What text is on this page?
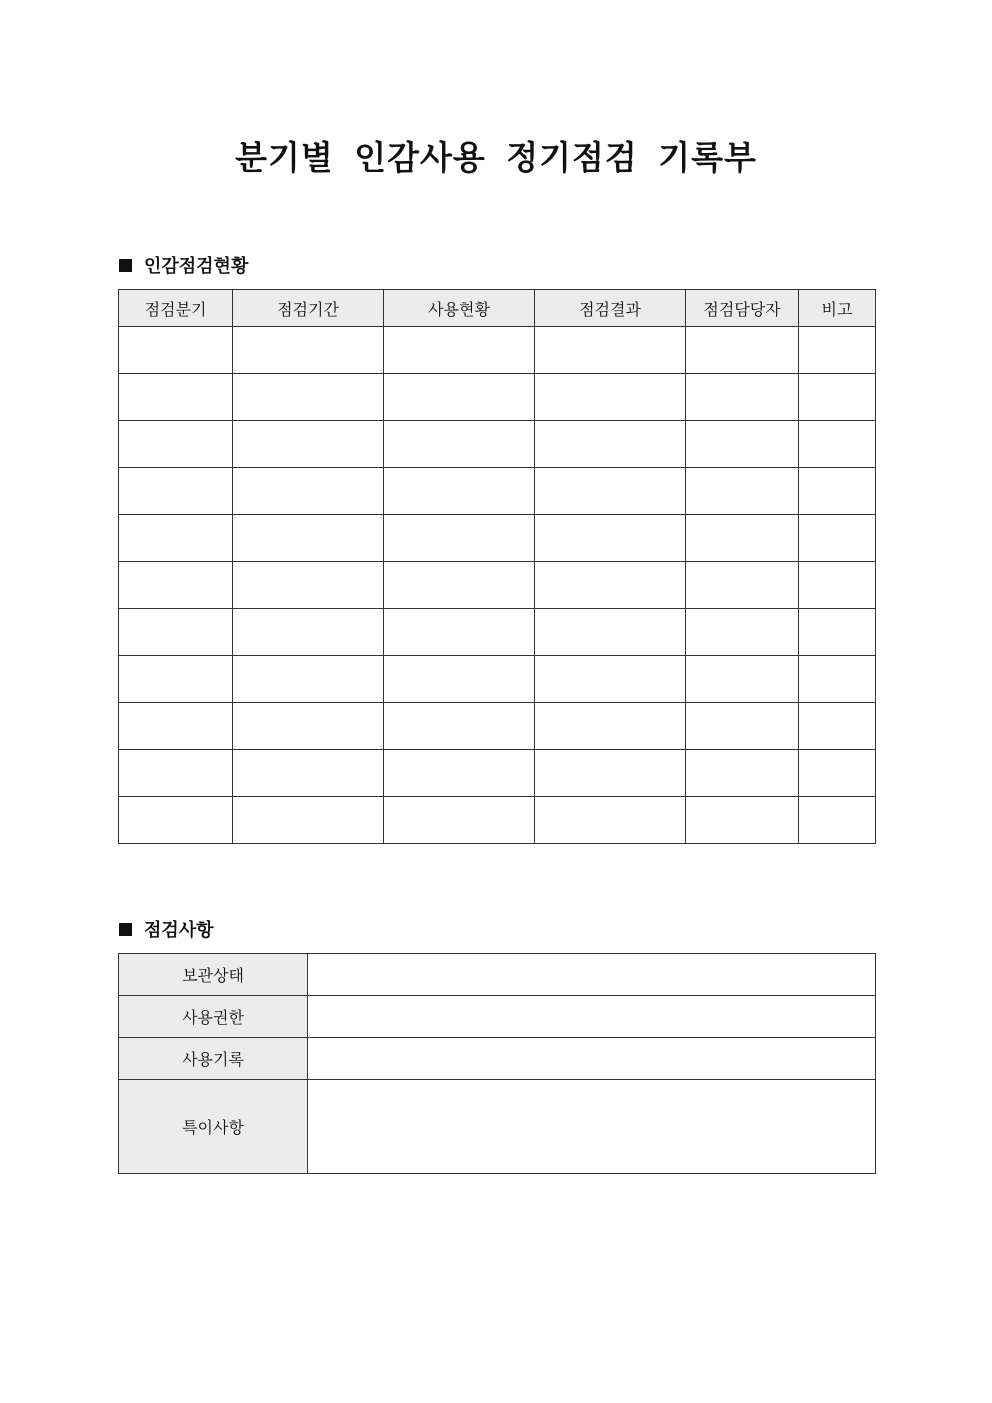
분기별 인감사용 정기점검 기록부
인감점검현황
점검분기	점검기간	사용현황	점검결과	점검담당자	비고

점검사항
보관상태	
사용권한	
사용기록	
특이사항	
